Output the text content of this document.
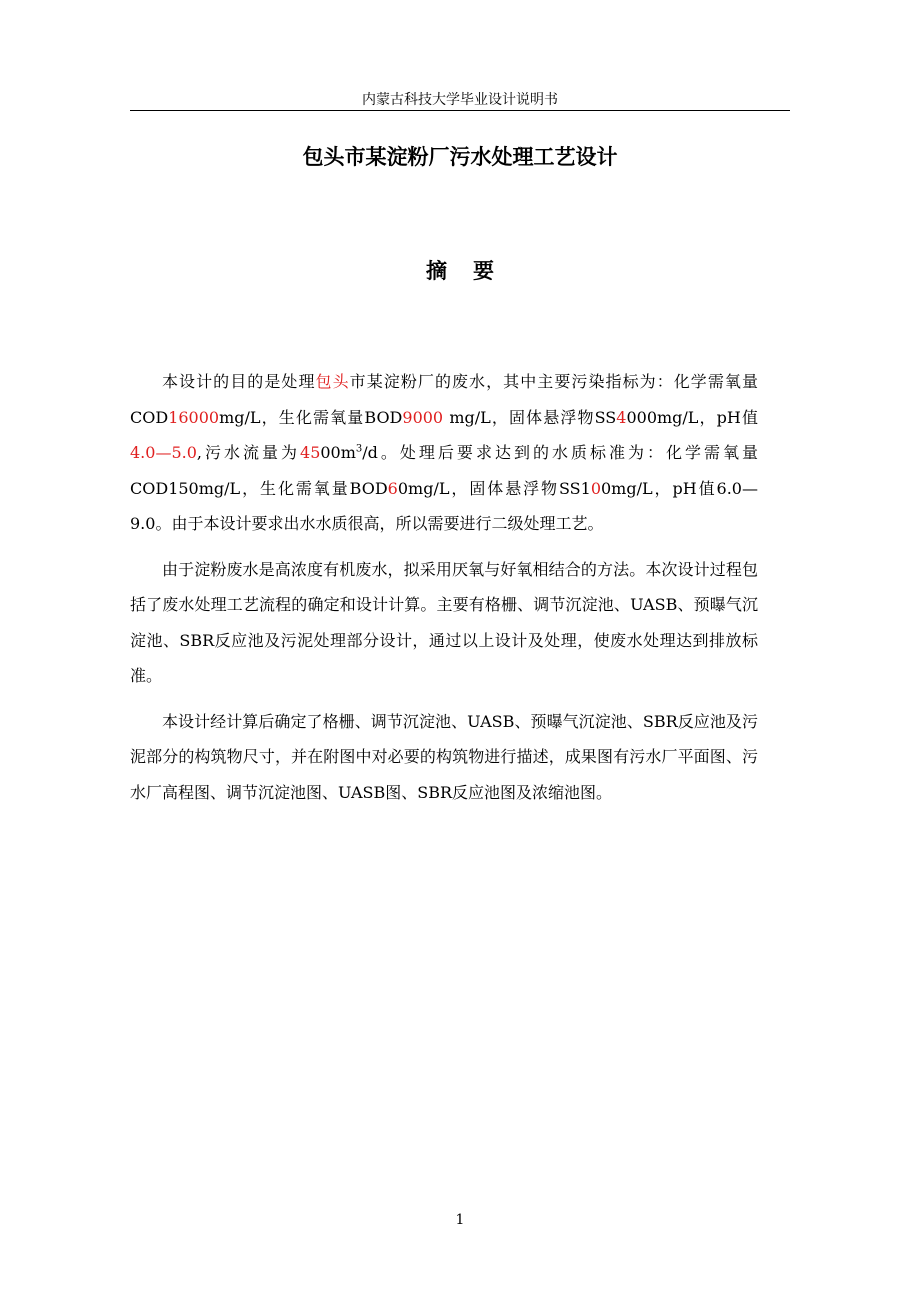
内蒙古科技大学毕业设计说明书
包头市某淀粉厂污水处理工艺设计
摘要

本设计的目的是处理包头市某淀粉厂的废水，其中主要污染指标为：化学需氧量COD16000mg/L，生化需氧量BOD9000 mg/L，固体悬浮物SS4000mg/L，pH值4.0—5.0,污水流量为$4500m^3/d$。处理后要求达到的水质标准为：化学需氧量COD150mg/L，生化需氧量BOD60mg/L，固体悬浮物SS100mg/L，pH值6.0—9.0。由于本设计要求出水水质很高，所以需要进行二级处理工艺。

由于淀粉废水是高浓度有机废水，拟采用厌氧与好氧相结合的方法。本次设计过程包括了废水处理工艺流程的确定和设计计算。主要有格栅、调节沉淀池、UASB、预曝气沉淀池、SBR反应池及污泥处理部分设计，通过以上设计及处理，使废水处理达到排放标准。

本设计经计算后确定了格栅、调节沉淀池、UASB、预曝气沉淀池、SBR反应池及污泥部分的构筑物尺寸，并在附图中对必要的构筑物进行描述，成果图有污水厂平面图、污水厂高程图、调节沉淀池图、UASB图、SBR反应池图及浓缩池图。

1
